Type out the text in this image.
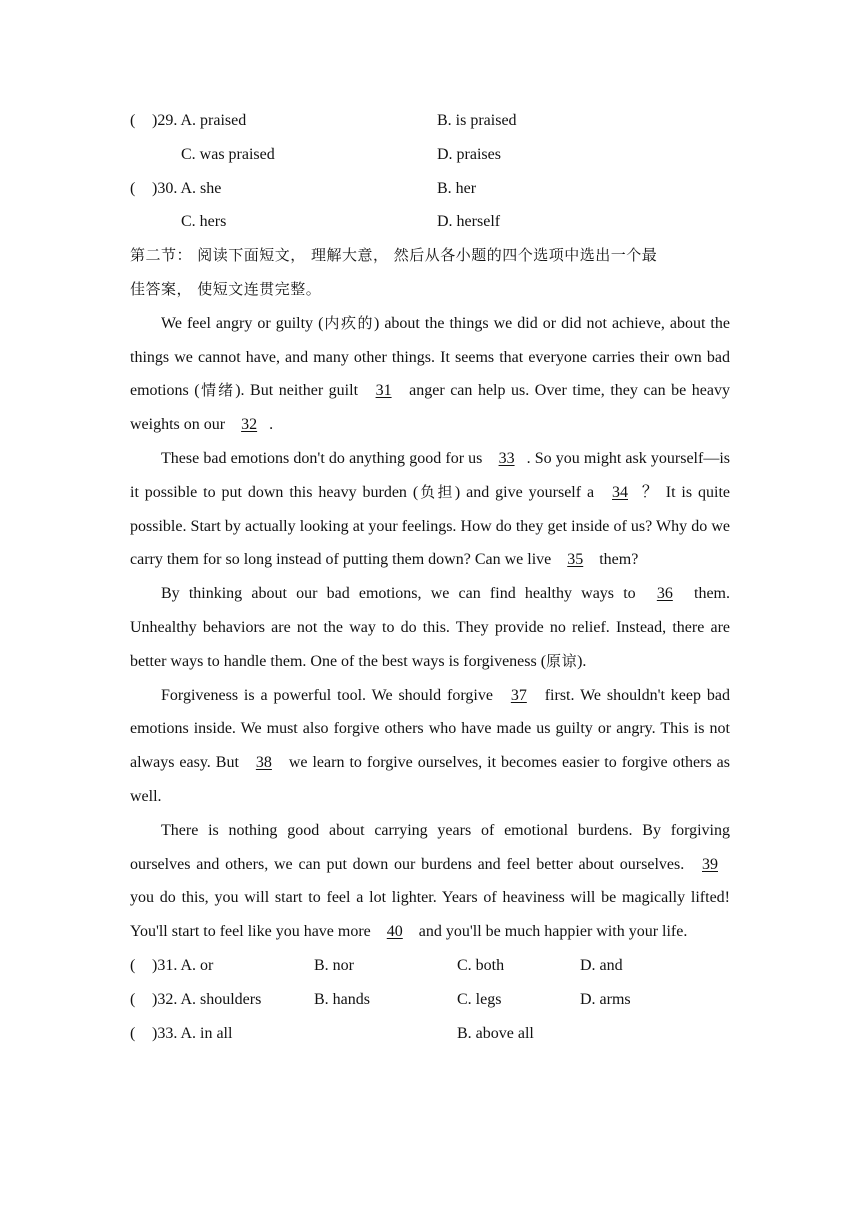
( )29. A. praised	B. is praised
C. was praised	D. praises
( )30. A. she	B. her
C. hers	D. herself
第二节： 阅读下面短文， 理解大意， 然后从各小题的四个选项中选出一个最
佳答案， 使短文连贯完整。
We feel angry or guilty (内疚的) about the things we did or did not achieve, about the things we cannot have, and many other things. It seems that everyone carries their own bad emotions (情绪). But neither guilt 31 anger can help us. Over time, they can be heavy weights on our 32 .
These bad emotions don't do anything good for us 33 . So you might ask yourself—is it possible to put down this heavy burden (负担) and give yourself a 34 ？ It is quite possible. Start by actually looking at your feelings. How do they get inside of us? Why do we carry them for so long instead of putting them down? Can we live 35 them?
By thinking about our bad emotions, we can find healthy ways to 36 them. Unhealthy behaviors are not the way to do this. They provide no relief. Instead, there are better ways to handle them. One of the best ways is forgiveness (原谅).
Forgiveness is a powerful tool. We should forgive 37 first. We shouldn't keep bad emotions inside. We must also forgive others who have made us guilty or angry. This is not always easy. But 38 we learn to forgive ourselves, it becomes easier to forgive others as well.
There is nothing good about carrying years of emotional burdens. By forgiving ourselves and others, we can put down our burdens and feel better about ourselves. 39 you do this, you will start to feel a lot lighter. Years of heaviness will be magically lifted! You'll start to feel like you have more 40 and you'll be much happier with your life.
( )31. A. or	B. nor	C. both	D. and
( )32. A. shoulders	B. hands	C. legs	D. arms
( )33. A. in all	B. above all
